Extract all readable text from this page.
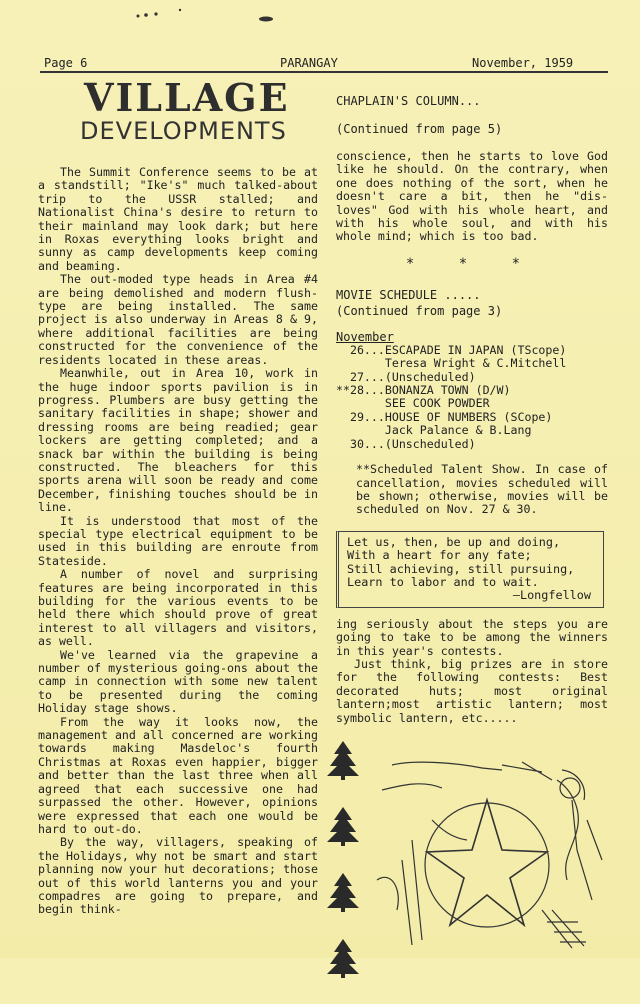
Page 6	PARANGAY	November, 1959
VILLAGE
DEVELOPMENTS

The Summit Conference seems to be at a standstill; "Ike's" much talked-about trip to the USSR stalled; and Nationalist China's desire to return to their mainland may look dark; but here in Roxas everything looks bright and sunny as camp developments keep coming and beaming.

The out-moded type heads in Area #4 are being demolished and modern flush-type are being installed. The same project is also underway in Areas 8 & 9, where additional facilities are being constructed for the convenience of the residents located in these areas.

Meanwhile, out in Area 10, work in the huge indoor sports pavilion is in progress. Plumbers are busy getting the sanitary facilities in shape; shower and dressing rooms are being readied; gear lockers are getting completed; and a snack bar within the building is being constructed. The bleachers for this sports arena will soon be ready and come December, finishing touches should be in line.

It is understood that most of the special type electrical equipment to be used in this building are enroute from Stateside.

A number of novel and surprising features are being incorporated in this building for the various events to be held there which should prove of great interest to all villagers and visitors, as well.

We've learned via the grapevine a number of mysterious going-ons about the camp in connection with some new talent to be presented during the coming Holiday stage shows.

From the way it looks now, the management and all concerned are working towards making Masdeloc's fourth Christmas at Roxas even happier, bigger and better than the last three when all agreed that each successive one had surpassed the other. However, opinions were expressed that each one would be hard to out-do.

By the way, villagers, speaking of the Holidays, why not be smart and start planning now your hut decorations; those out of this world lanterns you and your compadres are going to prepare, and begin think-

CHAPLAIN'S COLUMN...
(Continued from page 5)
conscience, then he starts to love God like he should. On the contrary, when one does nothing of the sort, when he doesn't care a bit, then he "dis-loves" God with his whole heart, and with his whole soul, and with his whole mind; which is too bad.
* * *
MOVIE SCHEDULE .....
(Continued from page 3)
November
26...ESCAPADE IN JAPAN (TScope)
Teresa Wright & C.Mitchell
27...(Unscheduled)
**28...BONANZA TOWN (D/W)
SEE COOK POWDER
29...HOUSE OF NUMBERS (SCope)
Jack Palance & B.Lang
30...(Unscheduled)
**Scheduled Talent Show. In case of cancellation, movies scheduled will be shown; otherwise, movies will be scheduled on Nov. 27 & 30.
Let us, then, be up and doing,
With a heart for any fate;
Still achieving, still pursuing,
Learn to labor and to wait.
—Longfellow

ing seriously about the steps you are going to take to be among the winners in this year's contests.

Just think, big prizes are in store for the following contests: Best decorated huts; most original lantern;most artistic lantern; most symbolic lantern, etc.....
